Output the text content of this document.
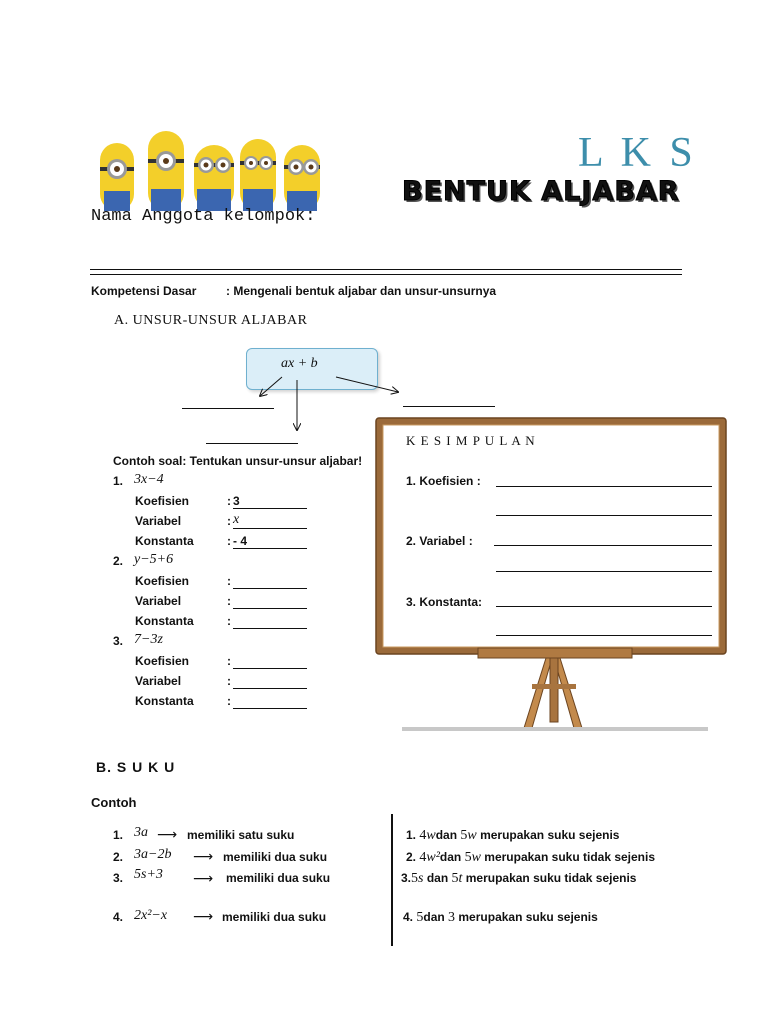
L K S
BENTUK ALJABAR
Nama Anggota kelompok:
Kompetensi Dasar : Mengenali bentuk aljabar dan unsur-unsurnya
A. UNSUR-UNSUR ALJABAR
ax + b
Contoh soal: Tentukan unsur-unsur aljabar!
1. 3x−4
Koefisien	: 3
Variabel	: x
Konstanta	: - 4
2. y−5+6
Koefisien	:
Variabel	:
Konstanta	:
3. 7−3z
Koefisien	:
Variabel	:
Konstanta	:
K E S I M P U L A N
1. Koefisien :
2. Variabel :
3. Konstanta:
B. S U K U
Contoh
1. 3a ⟶ memiliki satu suku
2. 3a−2b ⟶ memiliki dua suku
3. 5s+3 ⟶ memiliki dua suku
4. 2x²−x ⟶ memiliki dua suku
1. 4wdan 5w merupakan suku sejenis
2. 4w²dan 5w merupakan suku tidak sejenis
3.5s dan 5t merupakan suku tidak sejenis
4. 5dan 3 merupakan suku sejenis
